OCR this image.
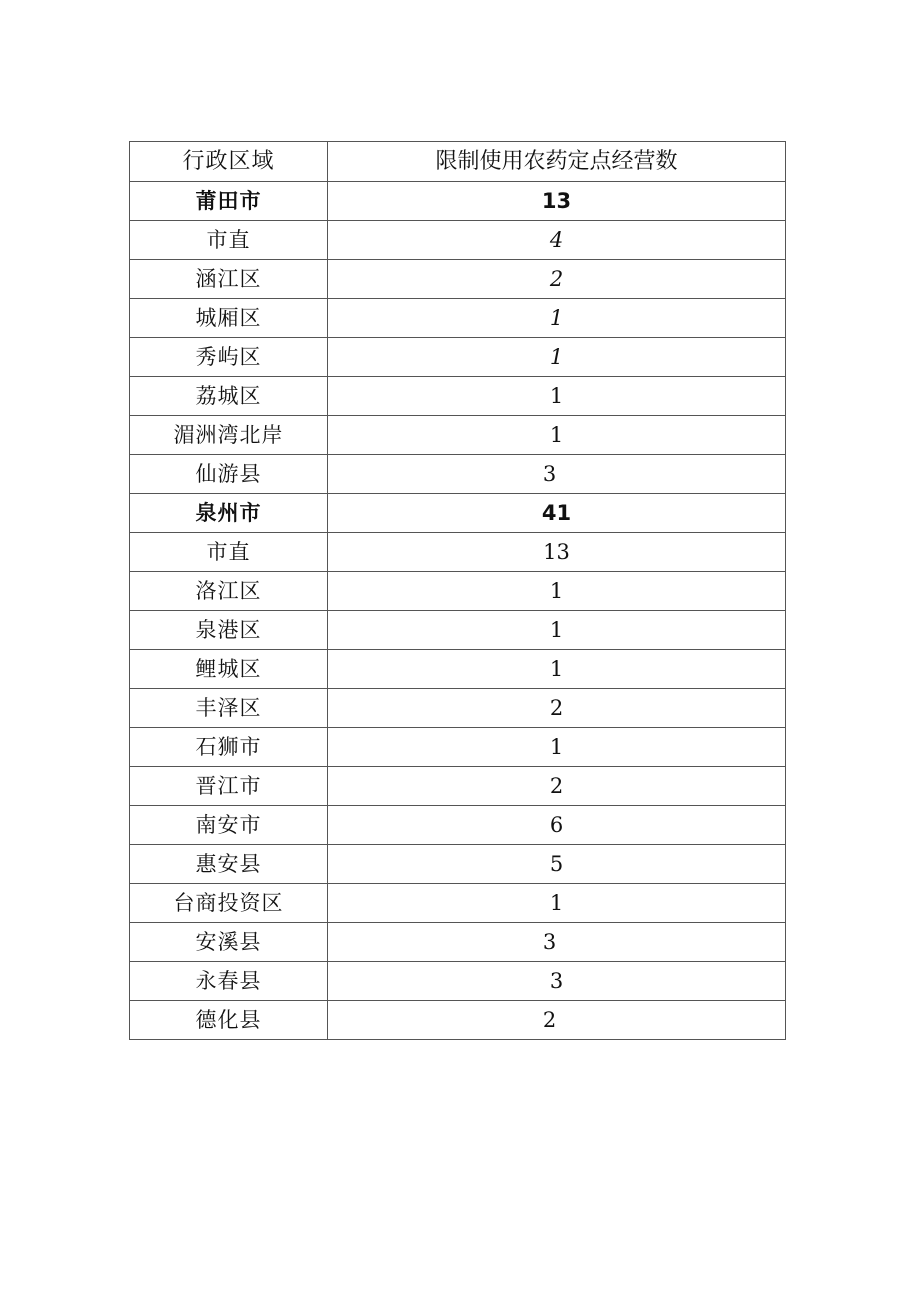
行政区域	限制使用农药定点经营数
莆田市	13
市直	4
涵江区	2
城厢区	1
秀屿区	1
荔城区	1
湄洲湾北岸	1
仙游县	3
泉州市	41
市直	13
洛江区	1
泉港区	1
鲤城区	1
丰泽区	2
石狮市	1
晋江市	2
南安市	6
惠安县	5
台商投资区	1
安溪县	3
永春县	3
德化县	2
